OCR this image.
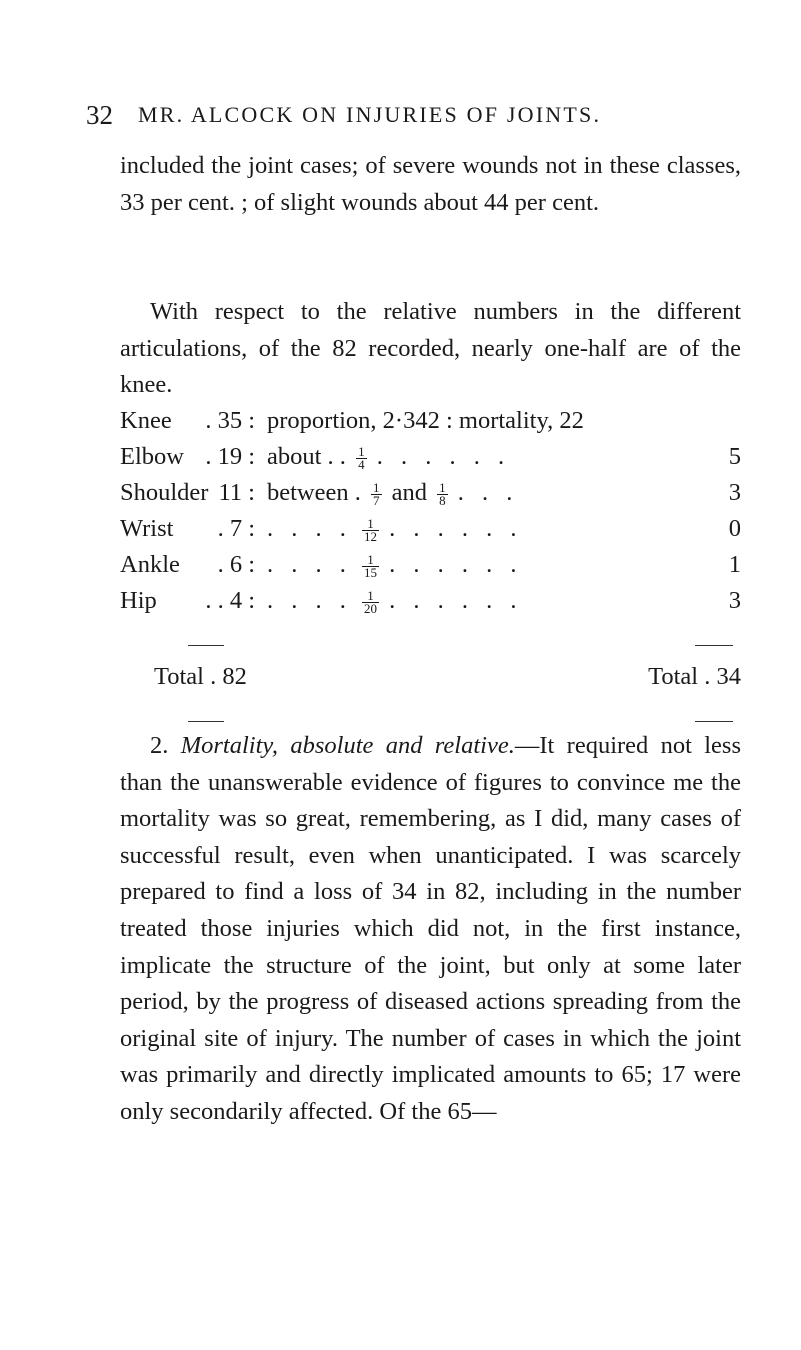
32 MR. ALCOCK ON INJURIES OF JOINTS.

included the joint cases; of severe wounds not in these classes, 33 per cent. ; of slight wounds about 44 per cent.

With respect to the relative numbers in the different articulations, of the 82 recorded, nearly one-half are of the knee.

Knee	. 35 : proportion, 2·342 : mortality, 22
Elbow . 19 : about . . $\frac{1}{4}$ . . . . . .	5
Shoulder 11 : between . $\frac{1}{7}$ and $\frac{1}{8}$ . . .	3
Wrist	. 7 : . . . . $\frac{1}{12}$ . . . . . .	0
Ankle	. 6 : . . . . $\frac{1}{15}$ . . . . . .	1
Hip	. . 4 : . . . . $\frac{1}{20}$ . . . . . .	3
Total . 82	Total . 34

2. Mortality, absolute and relative.—It required not less than the unanswerable evidence of figures to convince me the mortality was so great, remembering, as I did, many cases of successful result, even when unanticipated. I was scarcely prepared to find a loss of 34 in 82, including in the number treated those injuries which did not, in the first instance, implicate the structure of the joint, but only at some later period, by the progress of diseased actions spreading from the original site of injury. The number of cases in which the joint was primarily and directly implicated amounts to 65; 17 were only secondarily affected. Of the 65—
